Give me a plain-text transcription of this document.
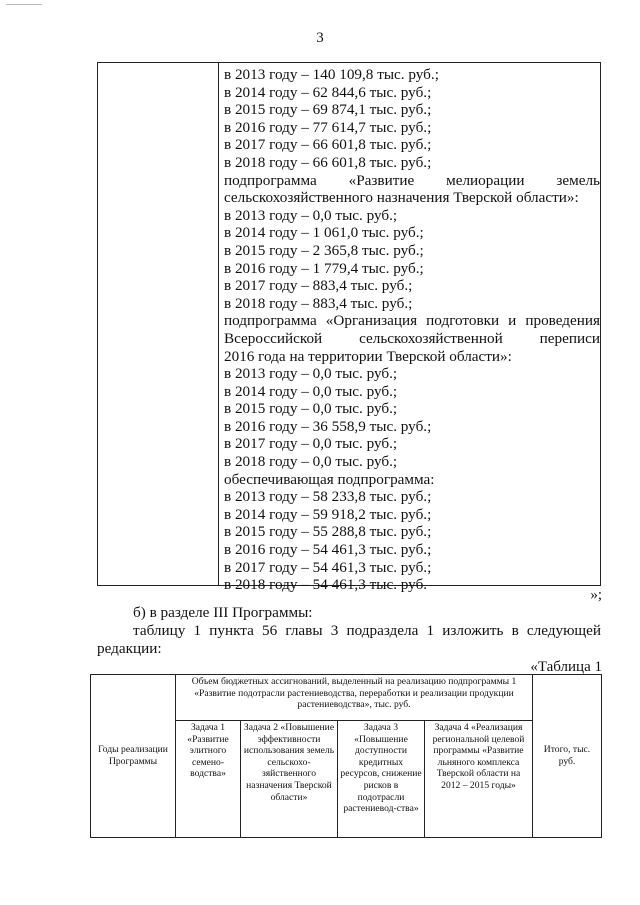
3
в 2013 году – 140 109,8 тыс. руб.;
в 2014 году – 62 844,6 тыс. руб.;
в 2015 году – 69 874,1 тыс. руб.;
в 2016 году – 77 614,7 тыс. руб.;
в 2017 году – 66 601,8 тыс. руб.;
в 2018 году – 66 601,8 тыс. руб.;
подпрограмма «Развитие мелиорации земель
сельскохозяйственного назначения Тверской области»:
в 2013 году – 0,0 тыс. руб.;
в 2014 году – 1 061,0 тыс. руб.;
в 2015 году – 2 365,8 тыс. руб.;
в 2016 году – 1 779,4 тыс. руб.;
в 2017 году – 883,4 тыс. руб.;
в 2018 году – 883,4 тыс. руб.;
подпрограмма «Организация подготовки и проведения
Всероссийской сельскохозяйственной переписи
2016 года на территории Тверской области»:
в 2013 году – 0,0 тыс. руб.;
в 2014 году – 0,0 тыс. руб.;
в 2015 году – 0,0 тыс. руб.;
в 2016 году – 36 558,9 тыс. руб.;
в 2017 году – 0,0 тыс. руб.;
в 2018 году – 0,0 тыс. руб.;
обеспечивающая подпрограмма:
в 2013 году – 58 233,8 тыс. руб.;
в 2014 году – 59 918,2 тыс. руб.;
в 2015 году – 55 288,8 тыс. руб.;
в 2016 году – 54 461,3 тыс. руб.;
в 2017 году – 54 461,3 тыс. руб.;
в 2018 году – 54 461,3 тыс. руб.
»;
б) в разделе III Программы:
таблицу 1 пункта 56 главы 3 подраздела 1 изложить в следующей
редакции:
«Таблица 1
Годы реализации Программы	Объем бюджетных ассигнований, выделенный на реализацию подпрограммы 1 «Развитие подотрасли растениеводства, переработки и реализации продукции растениеводства», тыс. руб.				Итого, тыс. руб.
	Задача 1 «Развитие элитного семено-водства»	Задача 2 «Повышение эффективности использования земель сельскохо-зяйственного назначения Тверской области»	Задача 3 «Повышение доступности кредитных ресурсов, снижение рисков в подотрасли растениевод-ства»	Задача 4 «Реализация региональной целевой программы «Развитие льняного комплекса Тверской области на 2012 – 2015 годы»	
